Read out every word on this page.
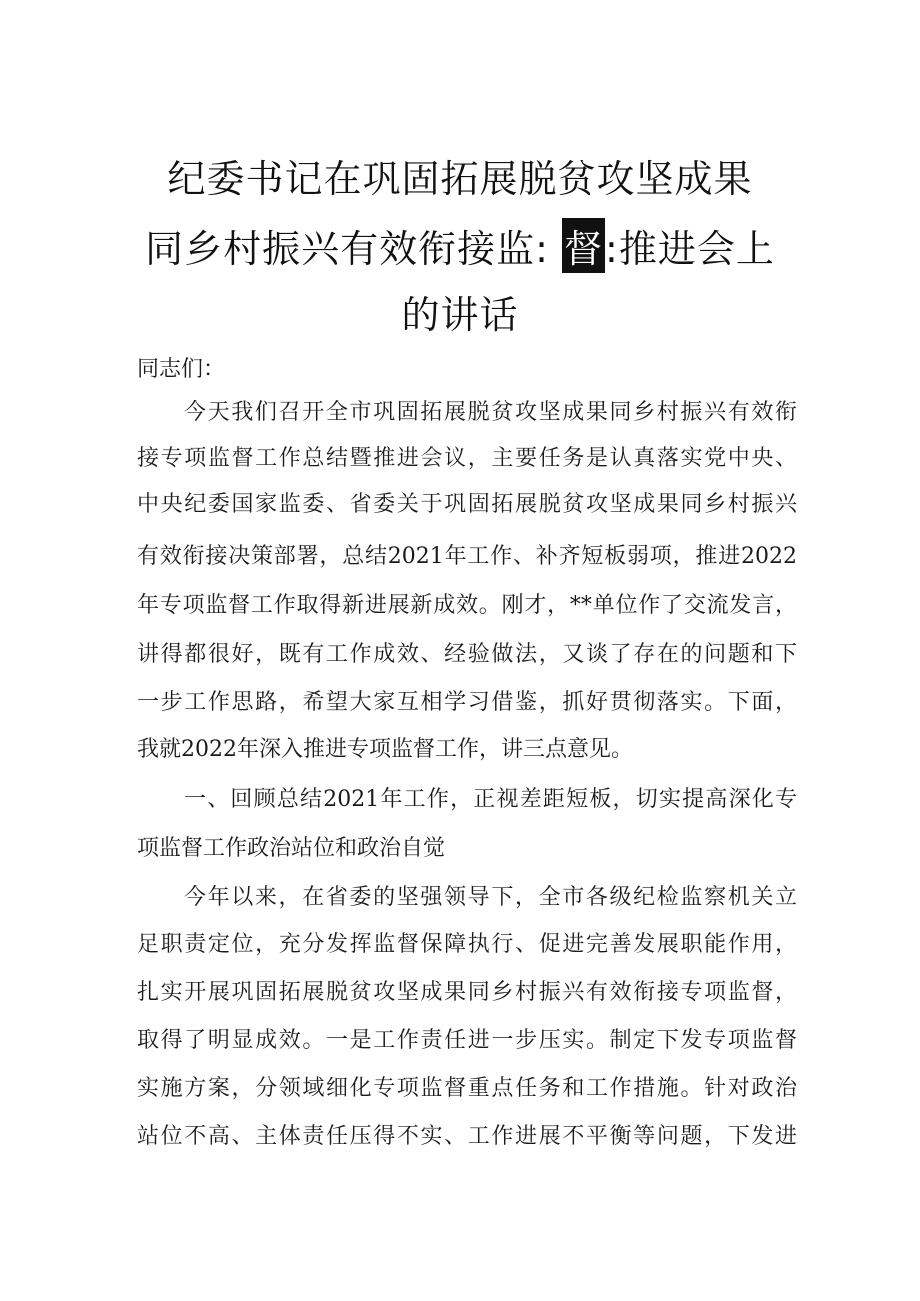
纪委书记在巩固拓展脱贫攻坚成果
同乡村振兴有效衔接监: 督:推进会上
的讲话
同志们：
今天我们召开全市巩固拓展脱贫攻坚成果同乡村振兴有效衔
接专项监督工作总结暨推进会议，主要任务是认真落实党中央、
中央纪委国家监委、省委关于巩固拓展脱贫攻坚成果同乡村振兴
有效衔接决策部署，总结2021年工作、补齐短板弱项，推进2022
年专项监督工作取得新进展新成效。刚才，**单位作了交流发言，
讲得都很好，既有工作成效、经验做法，又谈了存在的问题和下
一步工作思路，希望大家互相学习借鉴，抓好贯彻落实。下面，
我就2022年深入推进专项监督工作，讲三点意见。
一、回顾总结2021年工作，正视差距短板，切实提高深化专
项监督工作政治站位和政治自觉
今年以来，在省委的坚强领导下，全市各级纪检监察机关立
足职责定位，充分发挥监督保障执行、促进完善发展职能作用，
扎实开展巩固拓展脱贫攻坚成果同乡村振兴有效衔接专项监督，
取得了明显成效。一是工作责任进一步压实。制定下发专项监督
实施方案，分领域细化专项监督重点任务和工作措施。针对政治
站位不高、主体责任压得不实、工作进展不平衡等问题，下发进
